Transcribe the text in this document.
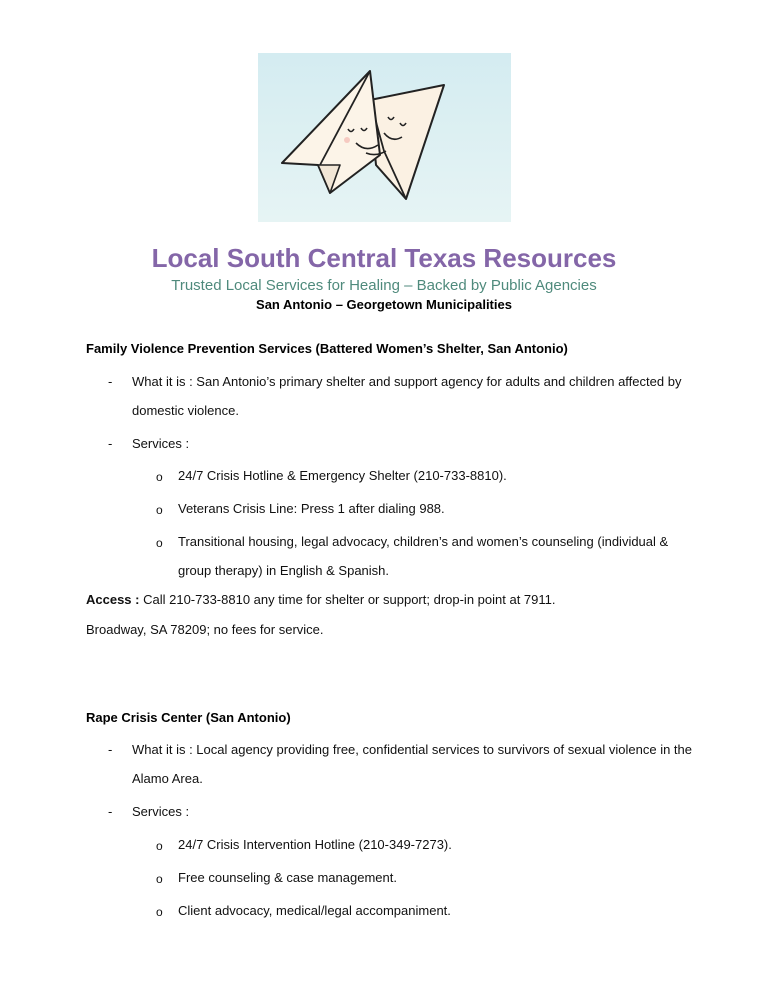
Local South Central Texas Resources
Trusted Local Services for Healing – Backed by Public Agencies
San Antonio – Georgetown Municipalities
Family Violence Prevention Services (Battered Women’s Shelter, San Antonio)
- What it is : San Antonio’s primary shelter and support agency for adults and children affected by
domestic violence.
- Services :
o 24/7 Crisis Hotline & Emergency Shelter (210-733-8810).
o Veterans Crisis Line: Press 1 after dialing 988.
o Transitional housing, legal advocacy, children’s and women’s counseling (individual &
group therapy) in English & Spanish.
Access : Call 210-733-8810 any time for shelter or support; drop-in point at 7911.
Broadway, SA 78209; no fees for service.
Rape Crisis Center (San Antonio)
- What it is : Local agency providing free, confidential services to survivors of sexual violence in the
Alamo Area.
- Services :
o 24/7 Crisis Intervention Hotline (210-349-7273).
o Free counseling & case management.
o Client advocacy, medical/legal accompaniment.
